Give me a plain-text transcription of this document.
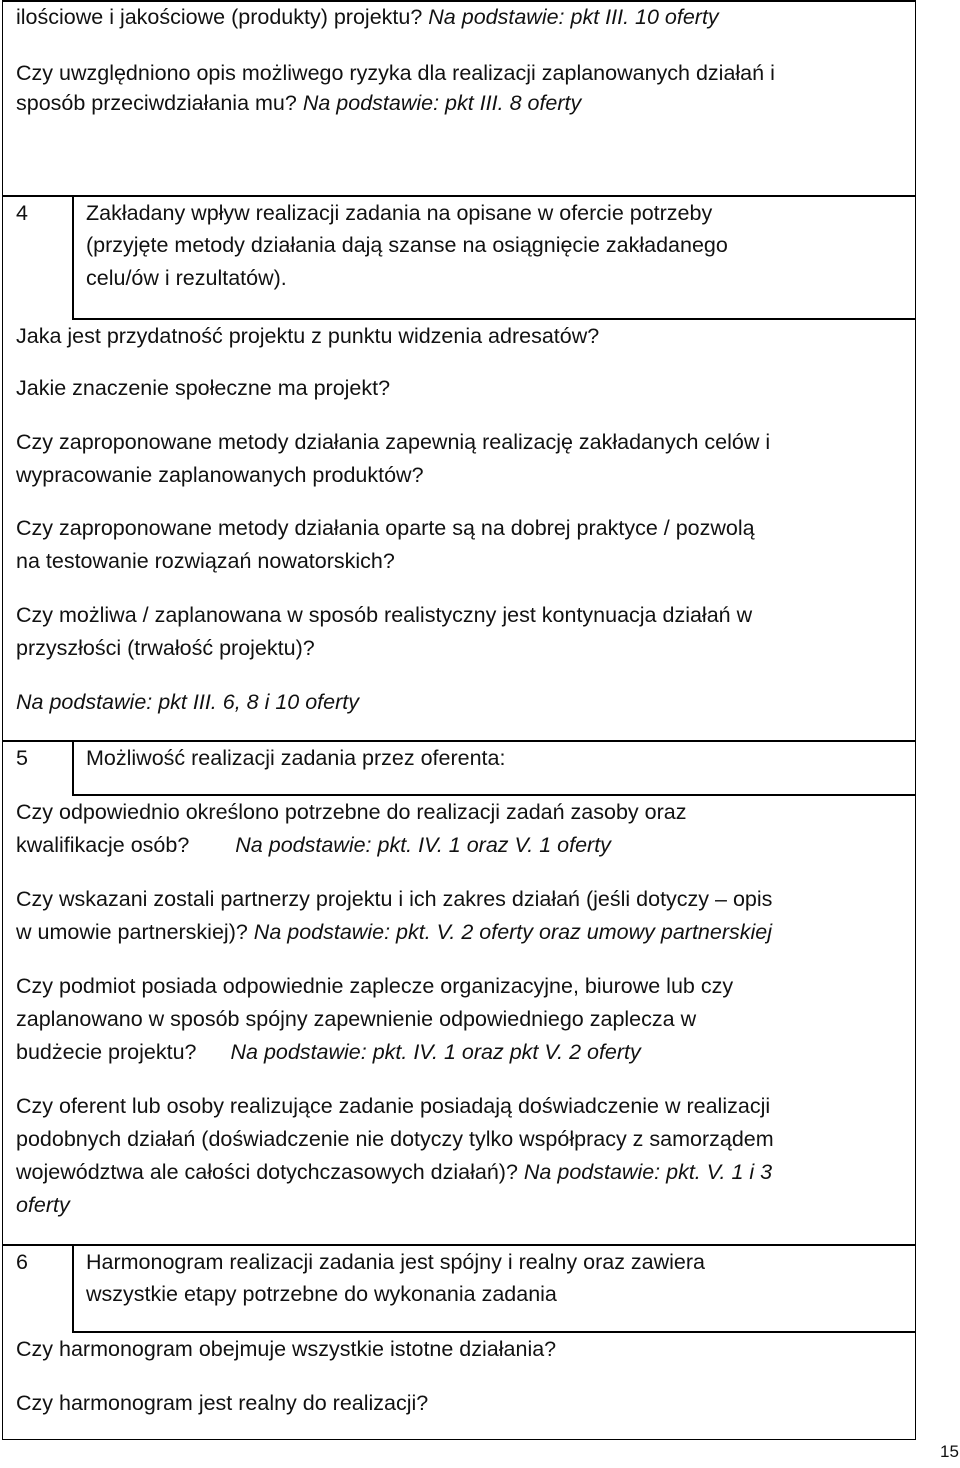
ilościowe i jakościowe (produkty) projektu? Na podstawie: pkt III. 10 oferty
Czy uwzględniono opis możliwego ryzyka dla realizacji zaplanowanych działań i
sposób przeciwdziałania mu? Na podstawie: pkt III. 8 oferty
4	Zakładany wpływ realizacji zadania na opisane w ofercie potrzeby
(przyjęte metody działania dają szanse na osiągnięcie zakładanego
celu/ów i rezultatów).
Jaka jest przydatność projektu z punktu widzenia adresatów?
Jakie znaczenie społeczne ma projekt?
Czy zaproponowane metody działania zapewnią realizację zakładanych celów i
wypracowanie zaplanowanych produktów?
Czy zaproponowane metody działania oparte są na dobrej praktyce / pozwolą
na testowanie rozwiązań nowatorskich?
Czy możliwa / zaplanowana w sposób realistyczny jest kontynuacja działań w
przyszłości (trwałość projektu)?
Na podstawie: pkt III. 6, 8 i 10 oferty
5	Możliwość realizacji zadania przez oferenta:
Czy odpowiednio określono potrzebne do realizacji zadań zasoby oraz
kwalifikacje osób? Na podstawie: pkt. IV. 1 oraz V. 1 oferty
Czy wskazani zostali partnerzy projektu i ich zakres działań (jeśli dotyczy – opis
w umowie partnerskiej)? Na podstawie: pkt. V. 2 oferty oraz umowy partnerskiej
Czy podmiot posiada odpowiednie zaplecze organizacyjne, biurowe lub czy
zaplanowano w sposób spójny zapewnienie odpowiedniego zaplecza w
budżecie projektu? Na podstawie: pkt. IV. 1 oraz pkt V. 2 oferty
Czy oferent lub osoby realizujące zadanie posiadają doświadczenie w realizacji
podobnych działań (doświadczenie nie dotyczy tylko współpracy z samorządem
województwa ale całości dotychczasowych działań)? Na podstawie: pkt. V. 1 i 3
oferty
6	Harmonogram realizacji zadania jest spójny i realny oraz zawiera
wszystkie etapy potrzebne do wykonania zadania
Czy harmonogram obejmuje wszystkie istotne działania?
Czy harmonogram jest realny do realizacji?
15
